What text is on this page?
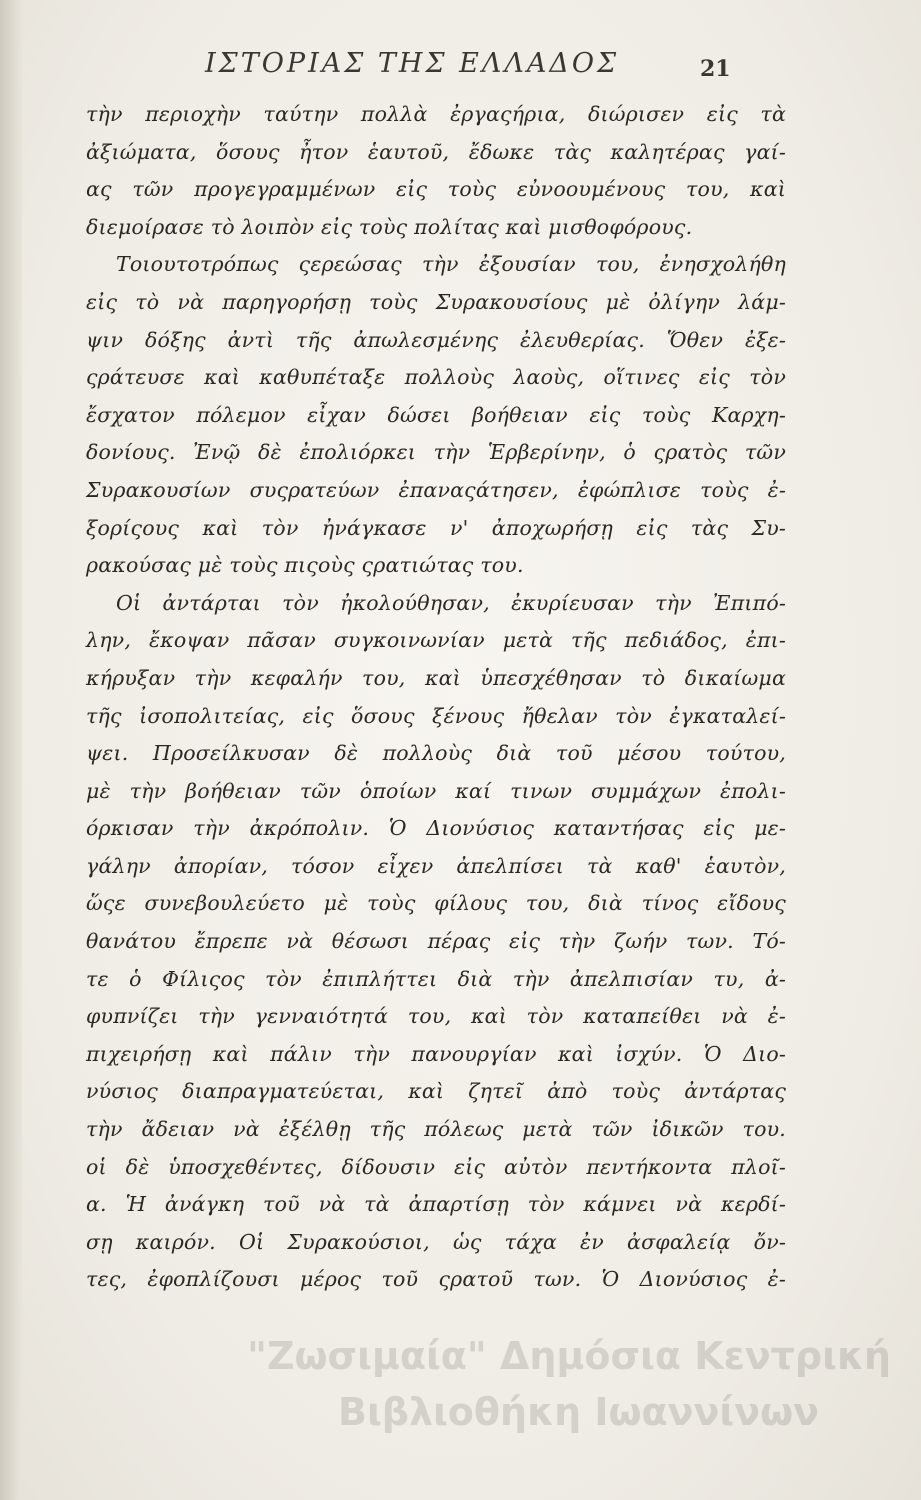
ΙΣΤΟΡΙΑΣ ΤΗΣ ΕΛΛΑΔΟΣ	21
τὴν περιοχὴν ταύτην πολλὰ ἐργαςήρια, διώρισεν εἰς τὰ
ἀξιώματα, ὅσους ἦτον ἑαυτοῦ, ἔδωκε τὰς καλητέρας γαί-
ας τῶν προγεγραμμένων εἰς τοὺς εὐνοουμένους του, καὶ
διεμοίρασε τὸ λοιπὸν εἰς τοὺς πολίτας καὶ μισθοφόρους.
Τοιουτοτρόπως ςερεώσας τὴν ἐξουσίαν του, ἐνησχολήθη
εἰς τὸ νὰ παρηγορήσῃ τοὺς Συρακουσίους μὲ ὀλίγην λάμ-
ψιν δόξης ἀντὶ τῆς ἀπωλεσμένης ἐλευθερίας. Ὅθεν ἐξε-
ςράτευσε καὶ καθυπέταξε πολλοὺς λαοὺς, οἵτινες εἰς τὸν
ἔσχατον πόλεμον εἶχαν δώσει βοήθειαν εἰς τοὺς Καρχη-
δονίους. Ἐνῷ δὲ ἐπολιόρκει τὴν Ἑρβερίνην, ὁ ςρατὸς τῶν
Συρακουσίων συςρατεύων ἐπαναςάτησεν, ἐφώπλισε τοὺς ἐ-
ξορίςους καὶ τὸν ἠνάγκασε ν' ἀποχωρήσῃ εἰς τὰς Συ-
ρακούσας μὲ τοὺς πιςοὺς ςρατιώτας του.
Οἱ ἀντάρται τὸν ἠκολούθησαν, ἐκυρίευσαν τὴν Ἐπιπό-
λην, ἔκοψαν πᾶσαν συγκοινωνίαν μετὰ τῆς πεδιάδος, ἐπι-
κήρυξαν τὴν κεφαλήν του, καὶ ὑπεσχέθησαν τὸ δικαίωμα
τῆς ἰσοπολιτείας, εἰς ὅσους ξένους ἤθελαν τὸν ἐγκαταλεί-
ψει. Προσείλκυσαν δὲ πολλοὺς διὰ τοῦ μέσου τούτου,
μὲ τὴν βοήθειαν τῶν ὁποίων καί τινων συμμάχων ἐπολι-
όρκισαν τὴν ἀκρόπολιν. Ὁ Διονύσιος καταντήσας εἰς με-
γάλην ἀπορίαν, τόσον εἶχεν ἀπελπίσει τὰ καθ' ἑαυτὸν,
ὥςε συνεβουλεύετο μὲ τοὺς φίλους του, διὰ τίνος εἴδους
θανάτου ἔπρεπε νὰ θέσωσι πέρας εἰς τὴν ζωήν των. Τό-
τε ὁ Φίλιςος τὸν ἐπιπλήττει διὰ τὴν ἀπελπισίαν τυ, ἀ-
φυπνίζει τὴν γενναιότητά του, καὶ τὸν καταπείθει νὰ ἐ-
πιχειρήσῃ καὶ πάλιν τὴν πανουργίαν καὶ ἰσχύν. Ὁ Διο-
νύσιος διαπραγματεύεται, καὶ ζητεῖ ἀπὸ τοὺς ἀντάρτας
τὴν ἄδειαν νὰ ἐξέλθῃ τῆς πόλεως μετὰ τῶν ἰδικῶν του.
οἱ δὲ ὑποσχεθέντες, δίδουσιν εἰς αὐτὸν πεντήκοντα πλοῖ-
α. Ἡ ἀνάγκη τοῦ νὰ τὰ ἀπαρτίσῃ τὸν κάμνει νὰ κερδί-
σῃ καιρόν. Οἱ Συρακούσιοι, ὡς τάχα ἐν ἀσφαλείᾳ ὄν-
τες, ἐφοπλίζουσι μέρος τοῦ ςρατοῦ των. Ὁ Διονύσιος ἐ-
"Ζωσιμαία" Δημόσια Κεντρική
Βιβλιοθήκη Ιωαννίνων
